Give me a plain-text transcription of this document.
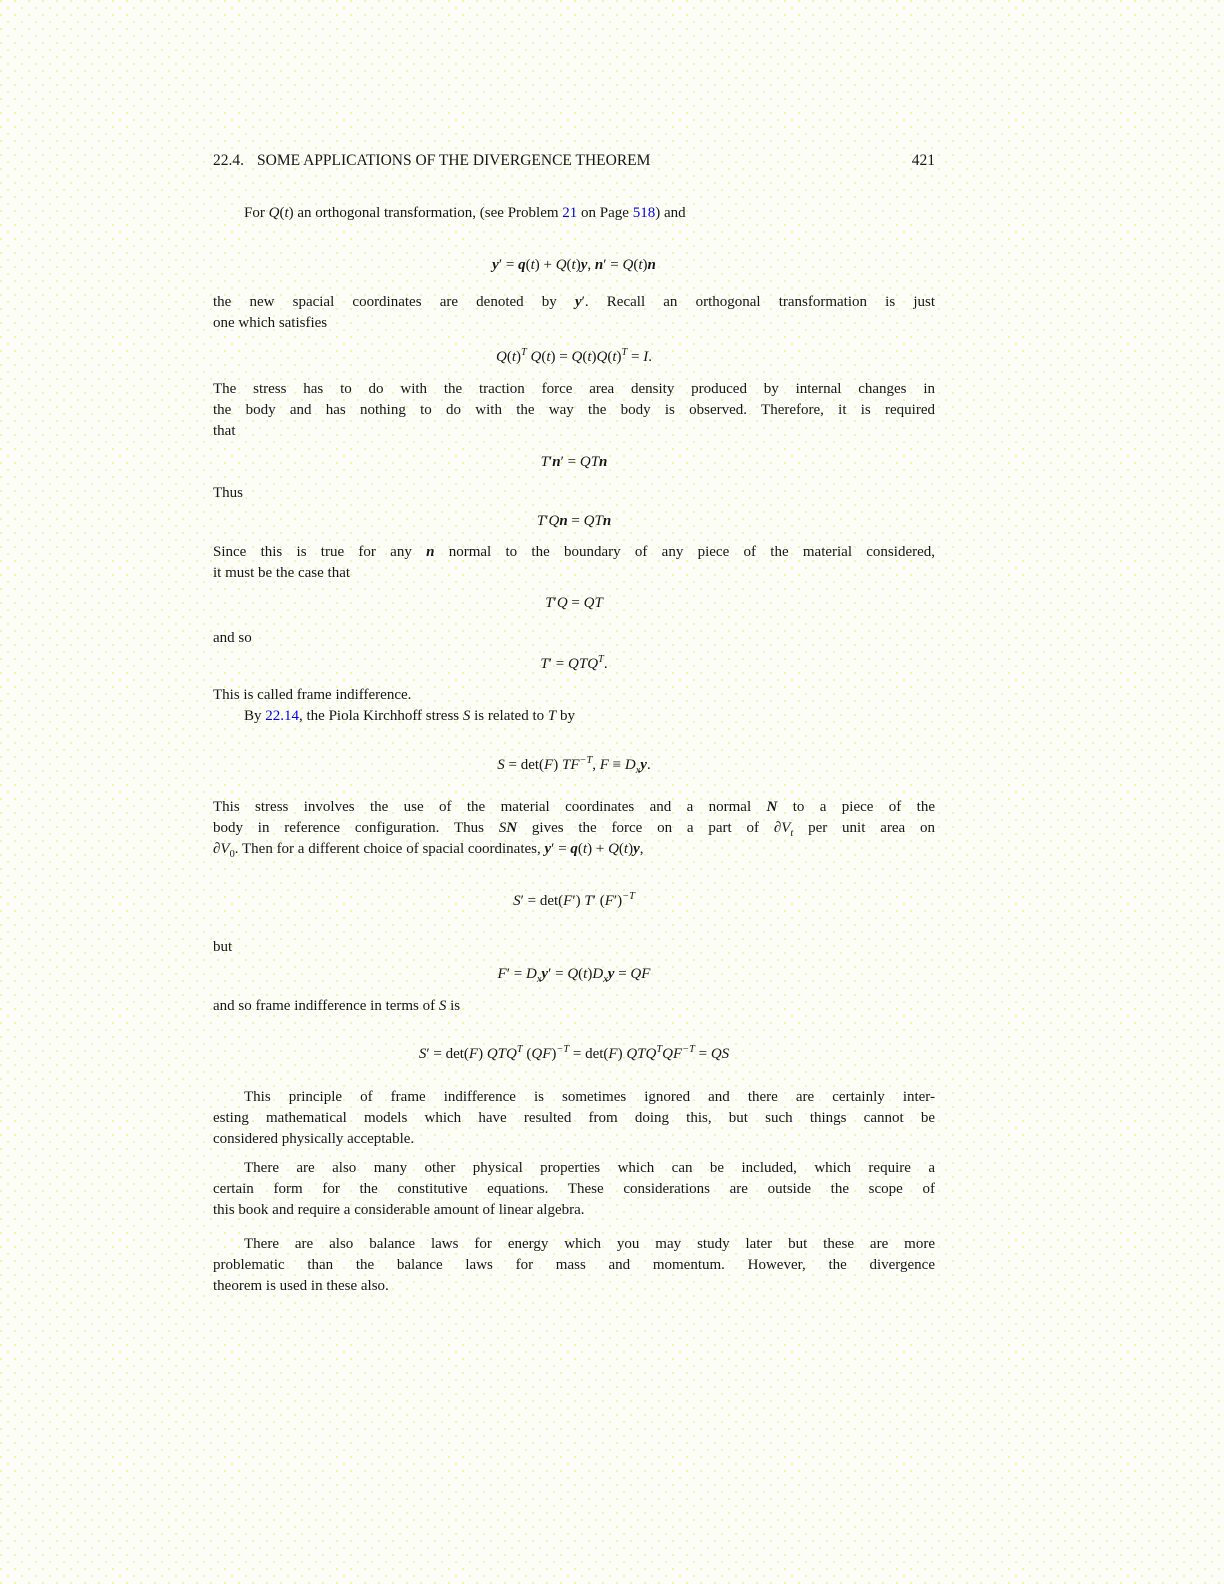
22.4. SOME APPLICATIONS OF THE DIVERGENCE THEOREM	421
For Q(t) an orthogonal transformation, (see Problem 21 on Page 518) and
y′ = q(t) + Q(t)y, n′ = Q(t)n
the new spacial coordinates are denoted by y′. Recall an orthogonal transformation is just
one which satisfies
$Q(t)^T$ $Q(t) = Q(t)Q(t)^T = I$.
The stress has to do with the traction force area density produced by internal changes in
the body and has nothing to do with the way the body is observed. Therefore, it is required
that
T′n′ = QTn
Thus
T′Qn = QTn
Since this is true for any n normal to the boundary of any piece of the material considered,
it must be the case that
T′Q = QT
and so
$T' = QTQ^T$.
This is called frame indifference.
By 22.14, the Piola Kirchhoff stress S is related to T by
S = det(F) $TF^{-T}$, $F \equiv D_xy$.
This stress involves the use of the material coordinates and a normal N to a piece of the
body in reference configuration. Thus SN gives the force on a part of $\partial V_t$ per unit area on
$\partial V_0$. Then for a different choice of spacial coordinates, y′ = q(t) + Q(t)y,
S′ = det(F′) T′ $(F')^{-T}$
but
$F' = D_xy' = Q(t)D_xy$ = QF
and so frame indifference in terms of S is
S′ = det(F) $QTQ^T$ (QF)$^{-T}$ = det(F) $QTQ^TQF^{-T}$ = QS
This principle of frame indifference is sometimes ignored and there are certainly inter-
esting mathematical models which have resulted from doing this, but such things cannot be
considered physically acceptable.
There are also many other physical properties which can be included, which require a
certain form for the constitutive equations. These considerations are outside the scope of
this book and require a considerable amount of linear algebra.
There are also balance laws for energy which you may study later but these are more
problematic than the balance laws for mass and momentum. However, the divergence
theorem is used in these also.
